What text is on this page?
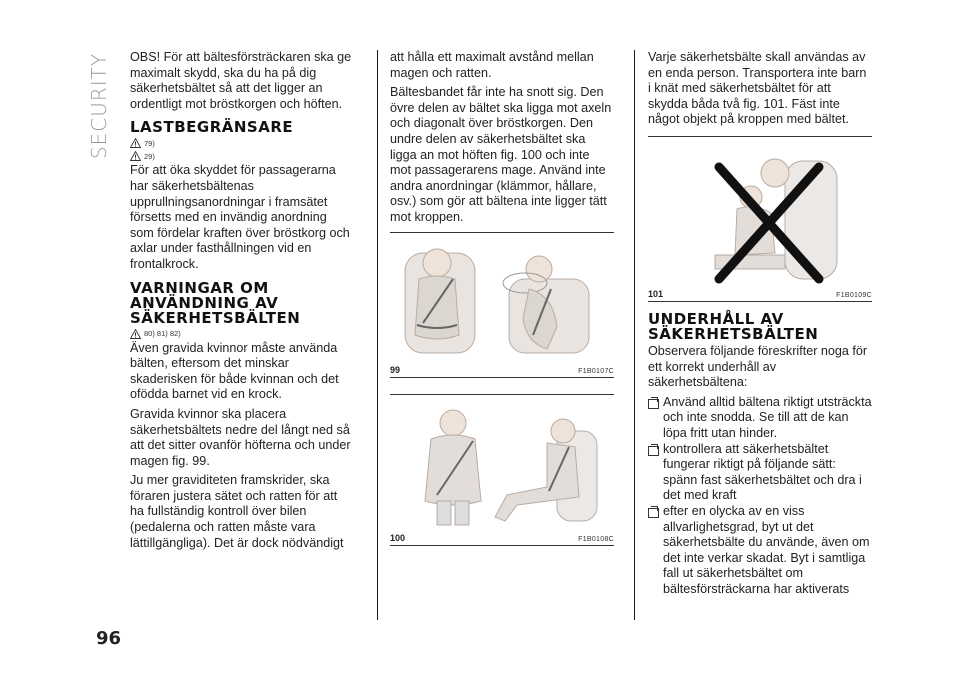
SECURITY OBS! För att bältesförsträckaren ska ge maximalt skydd, ska du ha på dig säkerhetsbältet så att det ligger an ordentligt mot bröstkorgen och höften.

LASTBEGRÄNSARE
79)
29)

För att öka skyddet för passagerarna har säkerhetsbältenas upprullningsanordningar i framsätet försetts med en invändig anordning som fördelar kraften över bröstkorg och axlar under fasthållningen vid en frontalkrock.

VARNINGAR OM ANVÄNDNING AV SÄKERHETSBÄLTEN
80) 81) 82)

Även gravida kvinnor måste använda bälten, eftersom det minskar skaderisken för både kvinnan och det ofödda barnet vid en krock.

Gravida kvinnor ska placera säkerhetsbältets nedre del långt ned så att det sitter ovanför höfterna och under magen fig. 99.

Ju mer graviditeten framskrider, ska föraren justera sätet och ratten för att ha fullständig kontroll över bilen (pedalerna och ratten måste vara lättillgängliga). Det är dock nödvändigt

att hålla ett maximalt avstånd mellan magen och ratten.

Bältesbandet får inte ha snott sig. Den övre delen av bältet ska ligga mot axeln och diagonalt över bröstkorgen. Den undre delen av säkerhetsbältet ska ligga an mot höften fig. 100 och inte mot passagerarens mage. Använd inte andra anordningar (klämmor, hållare, osv.) som gör att bältena inte ligger tätt mot kroppen.

99	F1B0107C
100	F1B0108C

Varje säkerhetsbälte skall användas av en enda person. Transportera inte barn i knät med säkerhetsbältet för att skydda båda två fig. 101. Fäst inte något objekt på kroppen med bältet.

101	F1B0109C
UNDERHÅLL AV SÄKERHETSBÄLTEN

Observera följande föreskrifter noga för ett korrekt underhåll av säkerhetsbältena:

Använd alltid bältena riktigt utsträckta och inte snodda. Se till att de kan löpa fritt utan hinder.
kontrollera att säkerhetsbältet fungerar riktigt på följande sätt: spänn fast säkerhetsbältet och dra i det med kraft
efter en olycka av en viss allvarlighetsgrad, byt ut det säkerhetsbälte du använde, även om det inte verkar skadat. Byt i samtliga fall ut säkerhetsbältet om bältesförsträckarna har aktiverats
96
